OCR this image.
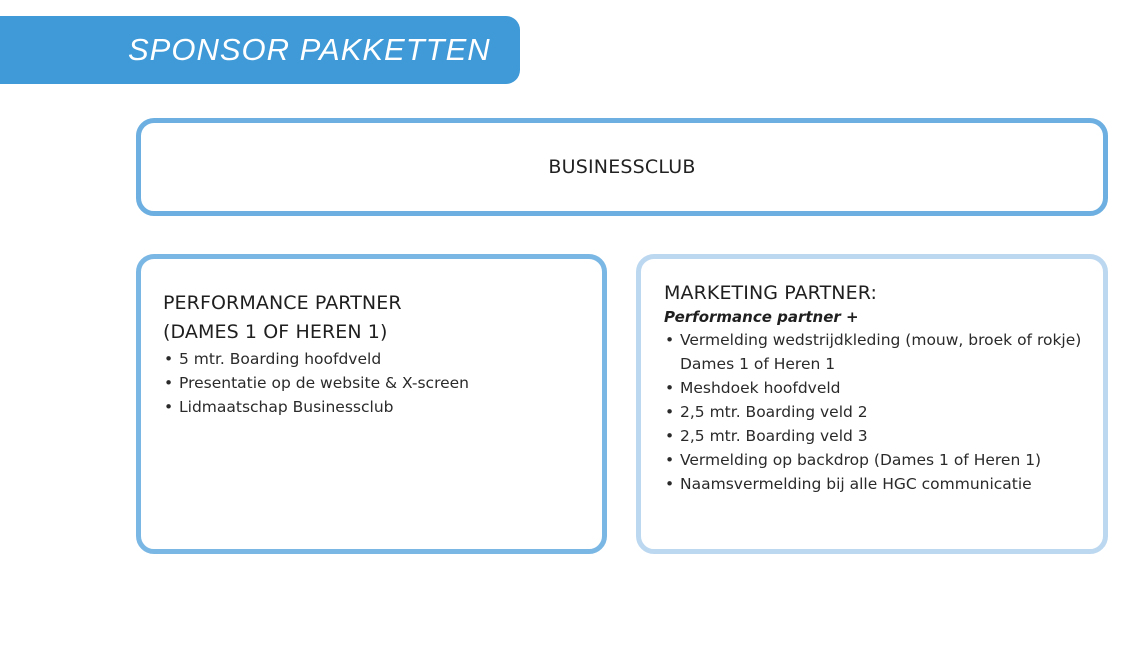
SPONSOR PAKKETTEN
BUSINESSCLUB
PERFORMANCE PARTNER
(DAMES 1 OF HEREN 1)
• 5 mtr. Boarding hoofdveld
• Presentatie op de website & X-screen
• Lidmaatschap Businessclub
MARKETING PARTNER:
Performance partner +
• Vermelding wedstrijdkleding (mouw, broek of rokje) Dames 1 of Heren 1
• Meshdoek hoofdveld
• 2,5 mtr. Boarding veld 2
• 2,5 mtr. Boarding veld 3
• Vermelding op backdrop (Dames 1 of Heren 1)
• Naamsvermelding bij alle HGC communicatie
